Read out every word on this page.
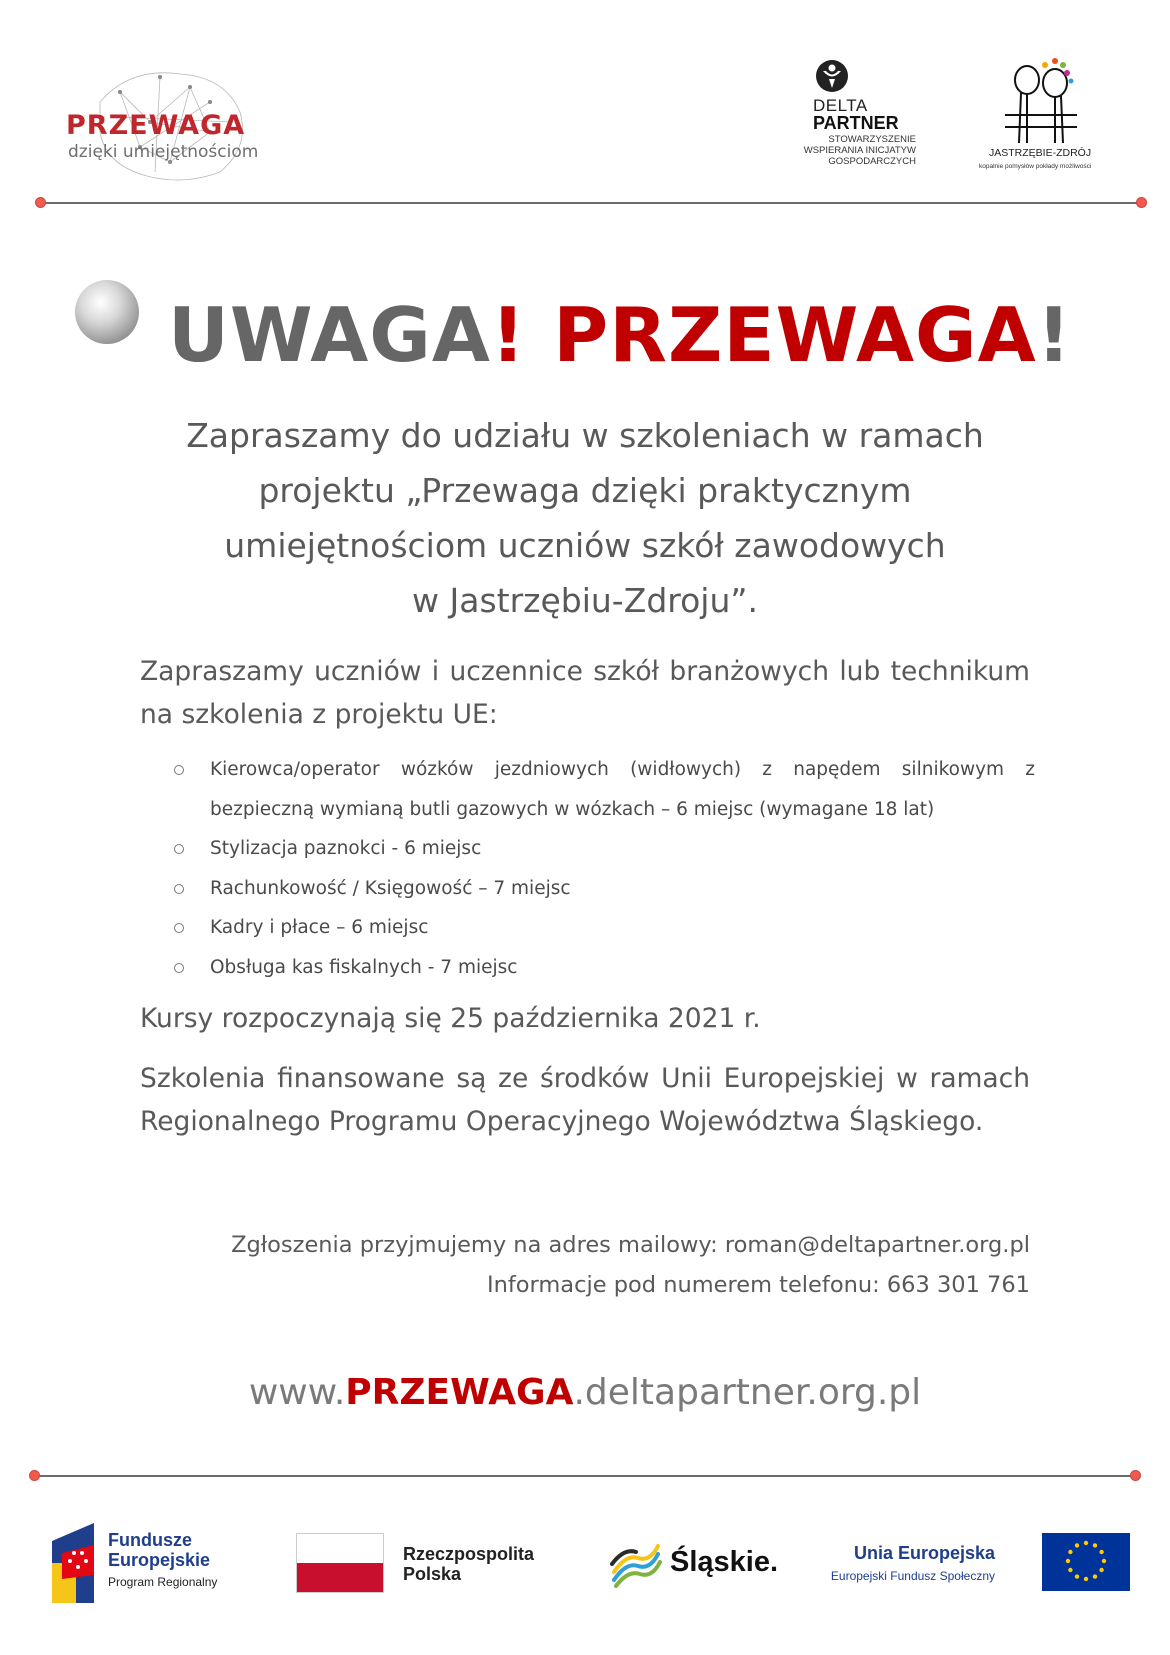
PRZEWAGA
dzięki umiejętnościom
DELTA
PARTNER
STOWARZYSZENIE WSPIERANIA INICJATYW GOSPODARCZYCH
JASTRZĘBIE-ZDRÓJ
kopalnie pomysłów pokłady możliwości
UWAGA! PRZEWAGA!
Zapraszamy do udziału w szkoleniach w ramach
projektu „Przewaga dzięki praktycznym
umiejętnościom uczniów szkół zawodowych
w Jastrzębiu-Zdroju”.
Zapraszamy uczniów i uczennice szkół branżowych lub technikum na szkolenia z projektu UE:
Kierowca/operator wózków jezdniowych (widłowych) z napędem silnikowym z bezpieczną wymianą butli gazowych w wózkach – 6 miejsc (wymagane 18 lat)
Stylizacja paznokci - 6 miejsc
Rachunkowość / Księgowość – 7 miejsc
Kadry i płace – 6 miejsc
Obsługa kas fiskalnych - 7 miejsc
Kursy rozpoczynają się 25 października 2021 r.
Szkolenia finansowane są ze środków Unii Europejskiej w ramach Regionalnego Programu Operacyjnego Województwa Śląskiego.
Zgłoszenia przyjmujemy na adres mailowy: roman@deltapartner.org.pl
Informacje pod numerem telefonu: 663 301 761
www.PRZEWAGA.deltapartner.org.pl
Fundusze
Europejskie
Program Regionalny
Rzeczpospolita
Polska	Śląskie.	Unia Europejska
Europejski Fundusz Społeczny
